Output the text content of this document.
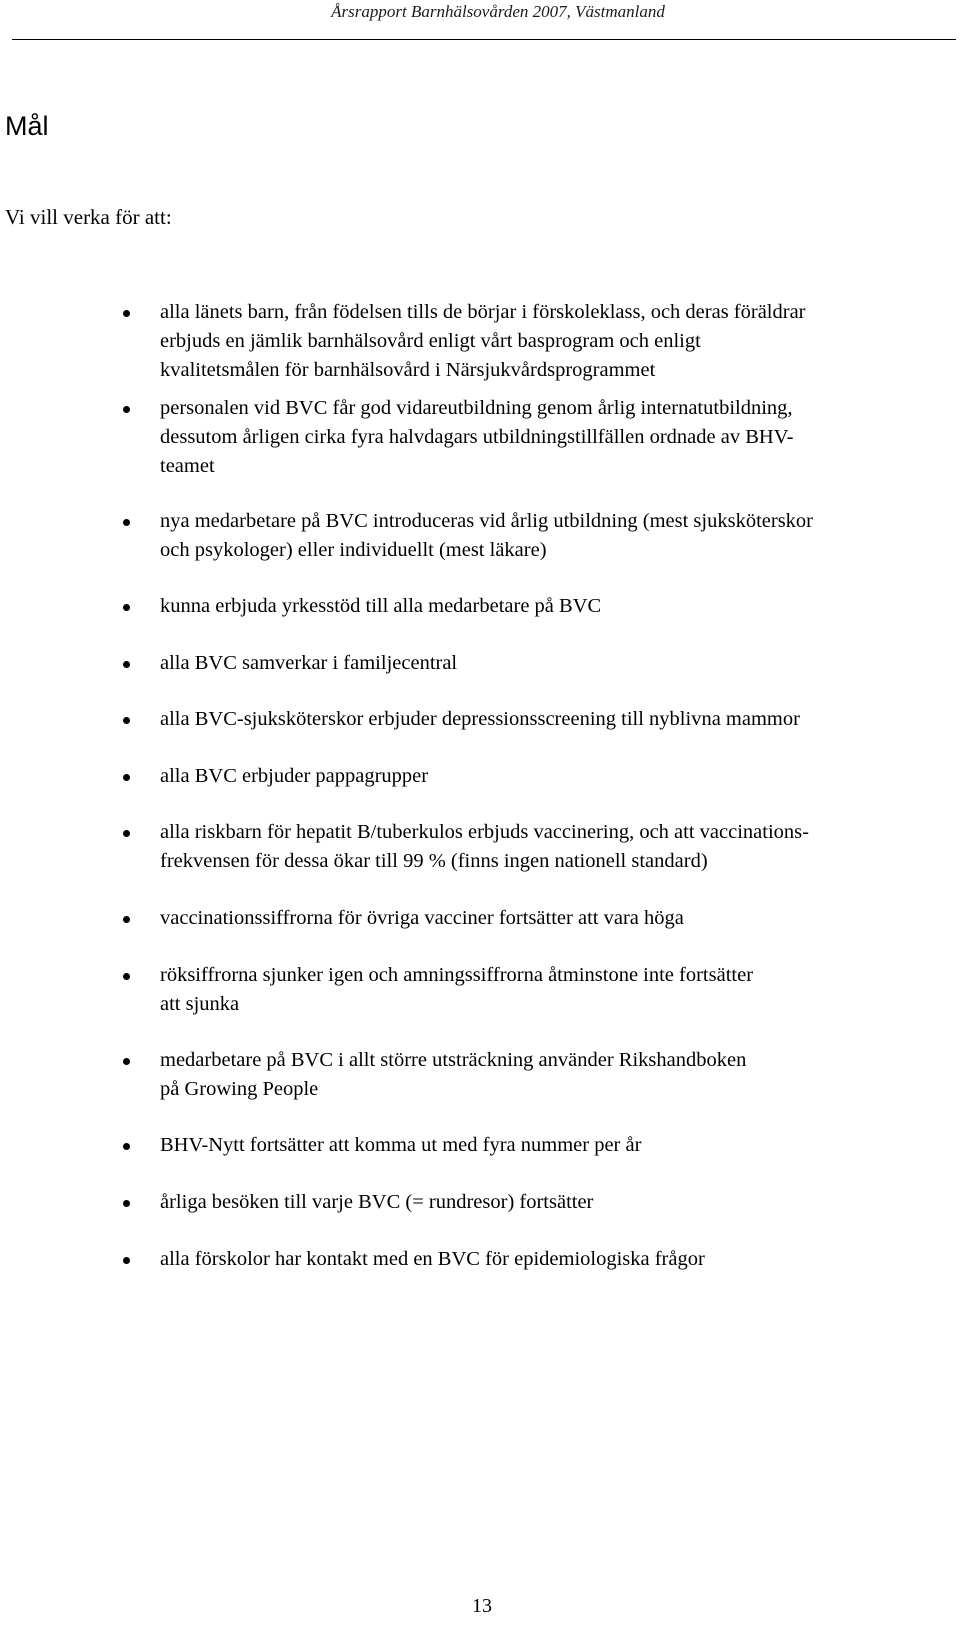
Årsrapport Barnhälsovården 2007, Västmanland
Mål
Vi vill verka för att:
alla länets barn, från födelsen tills de börjar i förskoleklass, och deras föräldrar
erbjuds en jämlik barnhälsovård enligt vårt basprogram och enligt
kvalitetsmålen för barnhälsovård i Närsjukvårdsprogrammet
personalen vid BVC får god vidareutbildning genom årlig internatutbildning,
dessutom årligen cirka fyra halvdagars utbildningstillfällen ordnade av BHV-
teamet
nya medarbetare på BVC introduceras vid årlig utbildning (mest sjuksköterskor
och psykologer) eller individuellt (mest läkare)
kunna erbjuda yrkesstöd till alla medarbetare på BVC
alla BVC samverkar i familjecentral
alla BVC-sjuksköterskor erbjuder depressionsscreening till nyblivna mammor
alla BVC erbjuder pappagrupper
alla riskbarn för hepatit B/tuberkulos erbjuds vaccinering, och att vaccinations-
frekvensen för dessa ökar till 99 % (finns ingen nationell standard)
vaccinationssiffrorna för övriga vacciner fortsätter att vara höga
röksiffrorna sjunker igen och amningssiffrorna åtminstone inte fortsätter
att sjunka
medarbetare på BVC i allt större utsträckning använder Rikshandboken
på Growing People
BHV-Nytt fortsätter att komma ut med fyra nummer per år
årliga besöken till varje BVC (= rundresor) fortsätter
alla förskolor har kontakt med en BVC för epidemiologiska frågor
13
